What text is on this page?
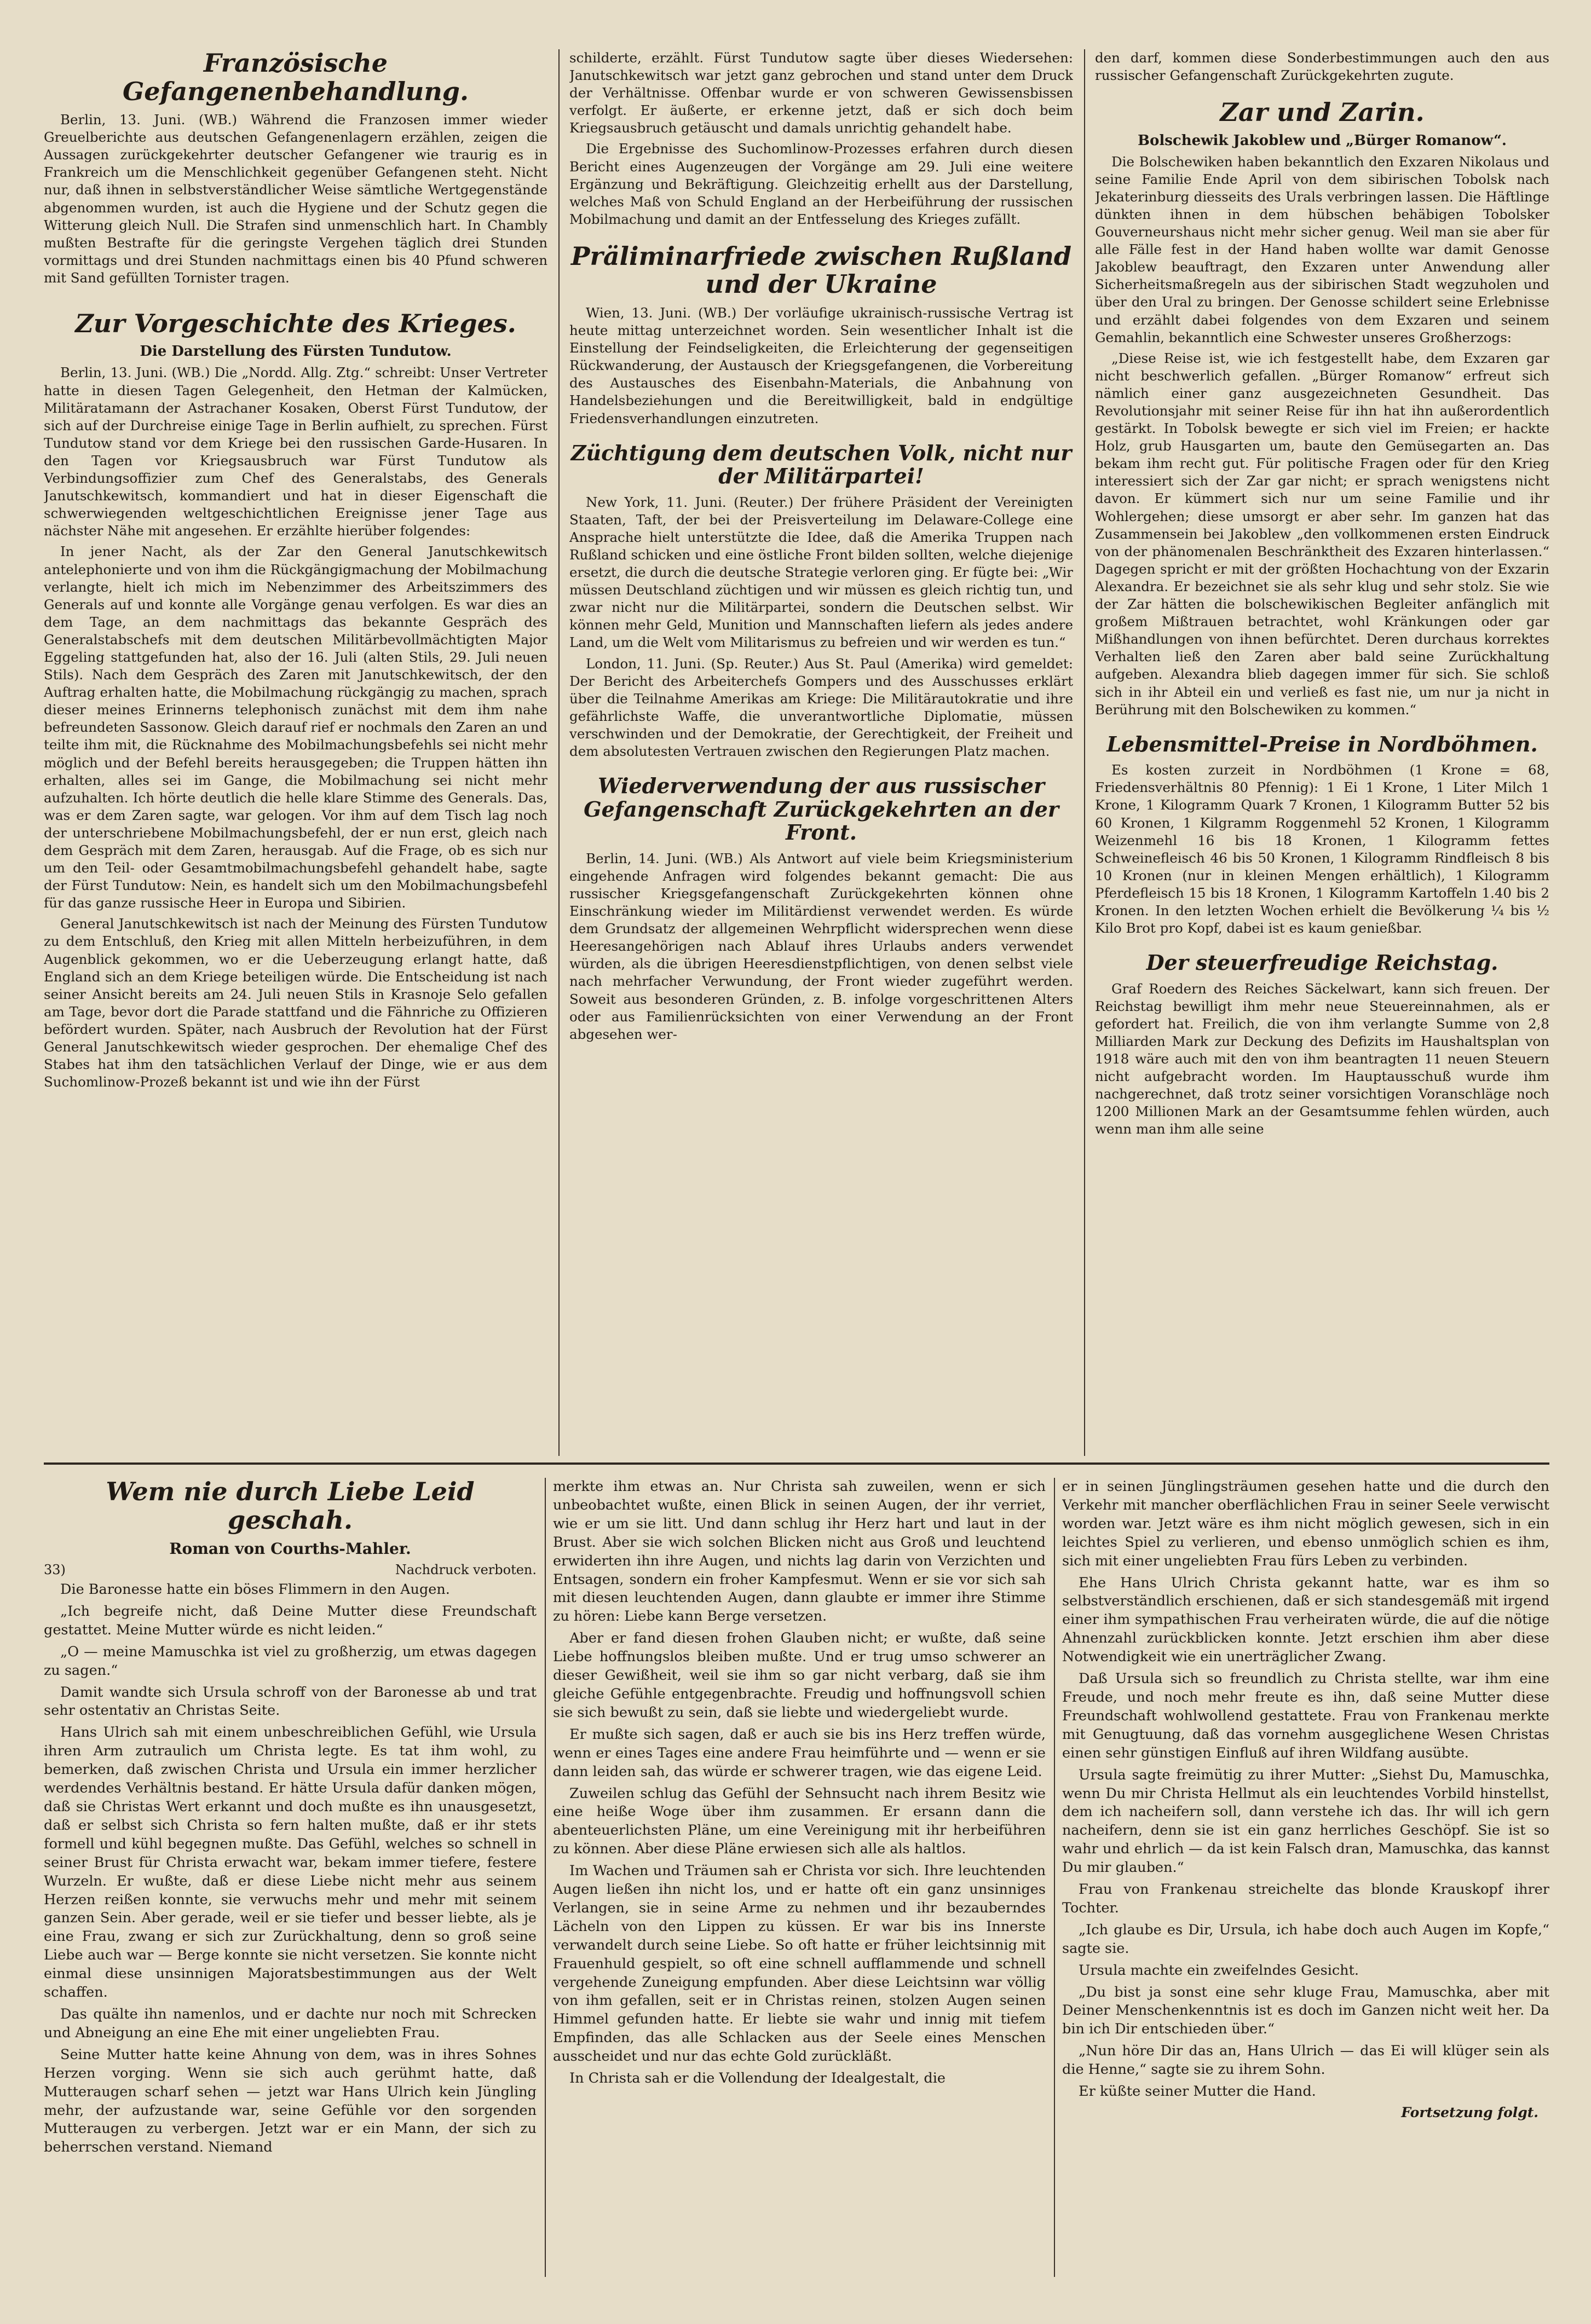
Französische Gefangenenbehandlung.

Berlin, 13. Juni. (WB.) Während die Franzosen immer wieder Greuelberichte aus deutschen Gefangenenlagern erzählen, zeigen die Aussagen zurückgekehrter deutscher Gefangener wie traurig es in Frankreich um die Menschlichkeit gegenüber Gefangenen steht. Nicht nur, daß ihnen in selbstverständlicher Weise sämtliche Wertgegenstände abgenommen wurden, ist auch die Hygiene und der Schutz gegen die Witterung gleich Null. Die Strafen sind unmenschlich hart. In Chambly mußten Bestrafte für die geringste Vergehen täglich drei Stunden vormittags und drei Stunden nachmittags einen bis 40 Pfund schweren mit Sand gefüllten Tornister tragen.

Zur Vorgeschichte des Krieges.
Die Darstellung des Fürsten Tundutow.

Berlin, 13. Juni. (WB.) Die „Nordd. Allg. Ztg.“ schreibt: Unser Vertreter hatte in diesen Tagen Gelegenheit, den Hetman der Kalmücken, Militäratamann der Astrachaner Kosaken, Oberst Fürst Tundutow, der sich auf der Durchreise einige Tage in Berlin aufhielt, zu sprechen. Fürst Tundutow stand vor dem Kriege bei den russischen Garde-Husaren. In den Tagen vor Kriegsausbruch war Fürst Tundutow als Verbindungsoffizier zum Chef des Generalstabs, des Generals Janutschkewitsch, kommandiert und hat in dieser Eigenschaft die schwerwiegenden weltgeschichtlichen Ereignisse jener Tage aus nächster Nähe mit angesehen. Er erzählte hierüber folgendes:

In jener Nacht, als der Zar den General Janutschkewitsch antelephonierte und von ihm die Rückgängigmachung der Mobilmachung verlangte, hielt ich mich im Nebenzimmer des Arbeitszimmers des Generals auf und konnte alle Vorgänge genau verfolgen. Es war dies an dem Tage, an dem nachmittags das bekannte Gespräch des Generalstabschefs mit dem deutschen Militärbevollmächtigten Major Eggeling stattgefunden hat, also der 16. Juli (alten Stils, 29. Juli neuen Stils). Nach dem Gespräch des Zaren mit Janutschkewitsch, der den Auftrag erhalten hatte, die Mobilmachung rückgängig zu machen, sprach dieser meines Erinnerns telephonisch zunächst mit dem ihm nahe befreundeten Sassonow. Gleich darauf rief er nochmals den Zaren an und teilte ihm mit, die Rücknahme des Mobilmachungsbefehls sei nicht mehr möglich und der Befehl bereits herausgegeben; die Truppen hätten ihn erhalten, alles sei im Gange, die Mobilmachung sei nicht mehr aufzuhalten. Ich hörte deutlich die helle klare Stimme des Generals. Das, was er dem Zaren sagte, war gelogen. Vor ihm auf dem Tisch lag noch der unterschriebene Mobilmachungsbefehl, der er nun erst, gleich nach dem Gespräch mit dem Zaren, herausgab. Auf die Frage, ob es sich nur um den Teil- oder Gesamtmobilmachungsbefehl gehandelt habe, sagte der Fürst Tundutow: Nein, es handelt sich um den Mobilmachungsbefehl für das ganze russische Heer in Europa und Sibirien.

General Janutschkewitsch ist nach der Meinung des Fürsten Tundutow zu dem Entschluß, den Krieg mit allen Mitteln herbeizuführen, in dem Augenblick gekommen, wo er die Ueberzeugung erlangt hatte, daß England sich an dem Kriege beteiligen würde. Die Entscheidung ist nach seiner Ansicht bereits am 24. Juli neuen Stils in Krasnoje Selo gefallen am Tage, bevor dort die Parade stattfand und die Fähnriche zu Offizieren befördert wurden. Später, nach Ausbruch der Revolution hat der Fürst General Janutschkewitsch wieder gesprochen. Der ehemalige Chef des Stabes hat ihm den tatsächlichen Verlauf der Dinge, wie er aus dem Suchomlinow-Prozeß bekannt ist und wie ihn der Fürst

schilderte, erzählt. Fürst Tundutow sagte über dieses Wiedersehen: Janutschkewitsch war jetzt ganz gebrochen und stand unter dem Druck der Verhältnisse. Offenbar wurde er von schweren Gewissensbissen verfolgt. Er äußerte, er erkenne jetzt, daß er sich doch beim Kriegsausbruch getäuscht und damals unrichtig gehandelt habe.

Die Ergebnisse des Suchomlinow-Prozesses erfahren durch diesen Bericht eines Augenzeugen der Vorgänge am 29. Juli eine weitere Ergänzung und Bekräftigung. Gleichzeitig erhellt aus der Darstellung, welches Maß von Schuld England an der Herbeiführung der russischen Mobilmachung und damit an der Entfesselung des Krieges zufällt.

Präliminarfriede zwischen Rußland und der Ukraine

Wien, 13. Juni. (WB.) Der vorläufige ukrainisch-russische Vertrag ist heute mittag unterzeichnet worden. Sein wesentlicher Inhalt ist die Einstellung der Feindseligkeiten, die Erleichterung der gegenseitigen Rückwanderung, der Austausch der Kriegsgefangenen, die Vorbereitung des Austausches des Eisenbahn-Materials, die Anbahnung von Handelsbeziehungen und die Bereitwilligkeit, bald in endgültige Friedensverhandlungen einzutreten.

Züchtigung dem deutschen Volk, nicht nur der Militärpartei!

New York, 11. Juni. (Reuter.) Der frühere Präsident der Vereinigten Staaten, Taft, der bei der Preisverteilung im Delaware-College eine Ansprache hielt unterstützte die Idee, daß die Amerika Truppen nach Rußland schicken und eine östliche Front bilden sollten, welche diejenige ersetzt, die durch die deutsche Strategie verloren ging. Er fügte bei: „Wir müssen Deutschland züchtigen und wir müssen es gleich richtig tun, und zwar nicht nur die Militärpartei, sondern die Deutschen selbst. Wir können mehr Geld, Munition und Mannschaften liefern als jedes andere Land, um die Welt vom Militarismus zu befreien und wir werden es tun.“

London, 11. Juni. (Sp. Reuter.) Aus St. Paul (Amerika) wird gemeldet: Der Bericht des Arbeiterchefs Gompers und des Ausschusses erklärt über die Teilnahme Amerikas am Kriege: Die Militärautokratie und ihre gefährlichste Waffe, die unverantwortliche Diplomatie, müssen verschwinden und der Demokratie, der Gerechtigkeit, der Freiheit und dem absolutesten Vertrauen zwischen den Regierungen Platz machen.

Wiederverwendung der aus russischer Gefangenschaft Zurückgekehrten an der Front.

Berlin, 14. Juni. (WB.) Als Antwort auf viele beim Kriegsministerium eingehende Anfragen wird folgendes bekannt gemacht: Die aus russischer Kriegsgefangenschaft Zurückgekehrten können ohne Einschränkung wieder im Militärdienst verwendet werden. Es würde dem Grundsatz der allgemeinen Wehrpflicht widersprechen wenn diese Heeresangehörigen nach Ablauf ihres Urlaubs anders verwendet würden, als die übrigen Heeresdienstpflichtigen, von denen selbst viele nach mehrfacher Verwundung, der Front wieder zugeführt werden. Soweit aus besonderen Gründen, z. B. infolge vorgeschrittenen Alters oder aus Familienrücksichten von einer Verwendung an der Front abgesehen wer-

den darf, kommen diese Sonderbestimmungen auch den aus russischer Gefangenschaft Zurückgekehrten zugute.

Zar und Zarin.
Bolschewik Jakoblew und „Bürger Romanow“.

Die Bolschewiken haben bekanntlich den Exzaren Nikolaus und seine Familie Ende April von dem sibirischen Tobolsk nach Jekaterinburg diesseits des Urals verbringen lassen. Die Häftlinge dünkten ihnen in dem hübschen behäbigen Tobolsker Gouverneurshaus nicht mehr sicher genug. Weil man sie aber für alle Fälle fest in der Hand haben wollte war damit Genosse Jakoblew beauftragt, den Exzaren unter Anwendung aller Sicherheitsmaßregeln aus der sibirischen Stadt wegzuholen und über den Ural zu bringen. Der Genosse schildert seine Erlebnisse und erzählt dabei folgendes von dem Exzaren und seinem Gemahlin, bekanntlich eine Schwester unseres Großherzogs:

„Diese Reise ist, wie ich festgestellt habe, dem Exzaren gar nicht beschwerlich gefallen. „Bürger Romanow“ erfreut sich nämlich einer ganz ausgezeichneten Gesundheit. Das Revolutionsjahr mit seiner Reise für ihn hat ihn außerordentlich gestärkt. In Tobolsk bewegte er sich viel im Freien; er hackte Holz, grub Hausgarten um, baute den Gemüsegarten an. Das bekam ihm recht gut. Für politische Fragen oder für den Krieg interessiert sich der Zar gar nicht; er sprach wenigstens nicht davon. Er kümmert sich nur um seine Familie und ihr Wohlergehen; diese umsorgt er aber sehr. Im ganzen hat das Zusammensein bei Jakoblew „den vollkommenen ersten Eindruck von der phänomenalen Beschränktheit des Exzaren hinterlassen.“ Dagegen spricht er mit der größten Hochachtung von der Exzarin Alexandra. Er bezeichnet sie als sehr klug und sehr stolz. Sie wie der Zar hätten die bolschewikischen Begleiter anfänglich mit großem Mißtrauen betrachtet, wohl Kränkungen oder gar Mißhandlungen von ihnen befürchtet. Deren durchaus korrektes Verhalten ließ den Zaren aber bald seine Zurückhaltung aufgeben. Alexandra blieb dagegen immer für sich. Sie schloß sich in ihr Abteil ein und verließ es fast nie, um nur ja nicht in Berührung mit den Bolschewiken zu kommen.“

Lebensmittel-Preise in Nordböhmen.

Es kosten zurzeit in Nordböhmen (1 Krone = 68, Friedensverhältnis 80 Pfennig): 1 Ei 1 Krone, 1 Liter Milch 1 Krone, 1 Kilogramm Quark 7 Kronen, 1 Kilogramm Butter 52 bis 60 Kronen, 1 Kilgramm Roggenmehl 52 Kronen, 1 Kilogramm Weizenmehl 16 bis 18 Kronen, 1 Kilogramm fettes Schweinefleisch 46 bis 50 Kronen, 1 Kilogramm Rindfleisch 8 bis 10 Kronen (nur in kleinen Mengen erhältlich), 1 Kilogramm Pferdefleisch 15 bis 18 Kronen, 1 Kilogramm Kartoffeln 1.40 bis 2 Kronen. In den letzten Wochen erhielt die Bevölkerung ¼ bis ½ Kilo Brot pro Kopf, dabei ist es kaum genießbar.

Der steuerfreudige Reichstag.

Graf Roedern des Reiches Säckelwart, kann sich freuen. Der Reichstag bewilligt ihm mehr neue Steuereinnahmen, als er gefordert hat. Freilich, die von ihm verlangte Summe von 2,8 Milliarden Mark zur Deckung des Defizits im Haushaltsplan von 1918 wäre auch mit den von ihm beantragten 11 neuen Steuern nicht aufgebracht worden. Im Hauptausschuß wurde ihm nachgerechnet, daß trotz seiner vorsichtigen Voranschläge noch 1200 Millionen Mark an der Gesamtsumme fehlen würden, auch wenn man ihm alle seine

Wem nie durch Liebe Leid geschah.
Roman von Courths-Mahler.
33)	Nachdruck verboten.

Die Baronesse hatte ein böses Flimmern in den Augen.

„Ich begreife nicht, daß Deine Mutter diese Freundschaft gestattet. Meine Mutter würde es nicht leiden.“

„O — meine Mamuschka ist viel zu großherzig, um etwas dagegen zu sagen.“

Damit wandte sich Ursula schroff von der Baronesse ab und trat sehr ostentativ an Christas Seite.

Hans Ulrich sah mit einem unbeschreiblichen Gefühl, wie Ursula ihren Arm zutraulich um Christa legte. Es tat ihm wohl, zu bemerken, daß zwischen Christa und Ursula ein immer herzlicher werdendes Verhältnis bestand. Er hätte Ursula dafür danken mögen, daß sie Christas Wert erkannt und doch mußte es ihn unausgesetzt, daß er selbst sich Christa so fern halten mußte, daß er ihr stets formell und kühl begegnen mußte. Das Gefühl, welches so schnell in seiner Brust für Christa erwacht war, bekam immer tiefere, festere Wurzeln. Er wußte, daß er diese Liebe nicht mehr aus seinem Herzen reißen konnte, sie verwuchs mehr und mehr mit seinem ganzen Sein. Aber gerade, weil er sie tiefer und besser liebte, als je eine Frau, zwang er sich zur Zurückhaltung, denn so groß seine Liebe auch war — Berge konnte sie nicht versetzen. Sie konnte nicht einmal diese unsinnigen Majoratsbestimmungen aus der Welt schaffen.

Das quälte ihn namenlos, und er dachte nur noch mit Schrecken und Abneigung an eine Ehe mit einer ungeliebten Frau.

Seine Mutter hatte keine Ahnung von dem, was in ihres Sohnes Herzen vorging. Wenn sie sich auch gerühmt hatte, daß Mutteraugen scharf sehen — jetzt war Hans Ulrich kein Jüngling mehr, der aufzustande war, seine Gefühle vor den sorgenden Mutteraugen zu verbergen. Jetzt war er ein Mann, der sich zu beherrschen verstand. Niemand

merkte ihm etwas an. Nur Christa sah zuweilen, wenn er sich unbeobachtet wußte, einen Blick in seinen Augen, der ihr verriet, wie er um sie litt. Und dann schlug ihr Herz hart und laut in der Brust. Aber sie wich solchen Blicken nicht aus Groß und leuchtend erwiderten ihn ihre Augen, und nichts lag darin von Verzichten und Entsagen, sondern ein froher Kampfesmut. Wenn er sie vor sich sah mit diesen leuchtenden Augen, dann glaubte er immer ihre Stimme zu hören: Liebe kann Berge versetzen.

Aber er fand diesen frohen Glauben nicht; er wußte, daß seine Liebe hoffnungslos bleiben mußte. Und er trug umso schwerer an dieser Gewißheit, weil sie ihm so gar nicht verbarg, daß sie ihm gleiche Gefühle entgegenbrachte. Freudig und hoffnungsvoll schien sie sich bewußt zu sein, daß sie liebte und wiedergeliebt wurde.

Er mußte sich sagen, daß er auch sie bis ins Herz treffen würde, wenn er eines Tages eine andere Frau heimführte und — wenn er sie dann leiden sah, das würde er schwerer tragen, wie das eigene Leid.

Zuweilen schlug das Gefühl der Sehnsucht nach ihrem Besitz wie eine heiße Woge über ihm zusammen. Er ersann dann die abenteuerlichsten Pläne, um eine Vereinigung mit ihr herbeiführen zu können. Aber diese Pläne erwiesen sich alle als haltlos.

Im Wachen und Träumen sah er Christa vor sich. Ihre leuchtenden Augen ließen ihn nicht los, und er hatte oft ein ganz unsinniges Verlangen, sie in seine Arme zu nehmen und ihr bezauberndes Lächeln von den Lippen zu küssen. Er war bis ins Innerste verwandelt durch seine Liebe. So oft hatte er früher leichtsinnig mit Frauenhuld gespielt, so oft eine schnell aufflammende und schnell vergehende Zuneigung empfunden. Aber diese Leichtsinn war völlig von ihm gefallen, seit er in Christas reinen, stolzen Augen seinen Himmel gefunden hatte. Er liebte sie wahr und innig mit tiefem Empfinden, das alle Schlacken aus der Seele eines Menschen ausscheidet und nur das echte Gold zurückläßt.

In Christa sah er die Vollendung der Idealgestalt, die

er in seinen Jünglingsträumen gesehen hatte und die durch den Verkehr mit mancher oberflächlichen Frau in seiner Seele verwischt worden war. Jetzt wäre es ihm nicht möglich gewesen, sich in ein leichtes Spiel zu verlieren, und ebenso unmöglich schien es ihm, sich mit einer ungeliebten Frau fürs Leben zu verbinden.

Ehe Hans Ulrich Christa gekannt hatte, war es ihm so selbstverständlich erschienen, daß er sich standesgemäß mit irgend einer ihm sympathischen Frau verheiraten würde, die auf die nötige Ahnenzahl zurückblicken konnte. Jetzt erschien ihm aber diese Notwendigkeit wie ein unerträglicher Zwang.

Daß Ursula sich so freundlich zu Christa stellte, war ihm eine Freude, und noch mehr freute es ihn, daß seine Mutter diese Freundschaft wohlwollend gestattete. Frau von Frankenau merkte mit Genugtuung, daß das vornehm ausgeglichene Wesen Christas einen sehr günstigen Einfluß auf ihren Wildfang ausübte.

Ursula sagte freimütig zu ihrer Mutter: „Siehst Du, Mamuschka, wenn Du mir Christa Hellmut als ein leuchtendes Vorbild hinstellst, dem ich nacheifern soll, dann verstehe ich das. Ihr will ich gern nacheifern, denn sie ist ein ganz herrliches Geschöpf. Sie ist so wahr und ehrlich — da ist kein Falsch dran, Mamuschka, das kannst Du mir glauben.“

Frau von Frankenau streichelte das blonde Krauskopf ihrer Tochter.

„Ich glaube es Dir, Ursula, ich habe doch auch Augen im Kopfe,“ sagte sie.

Ursula machte ein zweifelndes Gesicht.

„Du bist ja sonst eine sehr kluge Frau, Mamuschka, aber mit Deiner Menschenkenntnis ist es doch im Ganzen nicht weit her. Da bin ich Dir entschieden über.“

„Nun höre Dir das an, Hans Ulrich — das Ei will klüger sein als die Henne,“ sagte sie zu ihrem Sohn.

Er küßte seiner Mutter die Hand.

Fortsetzung folgt.
